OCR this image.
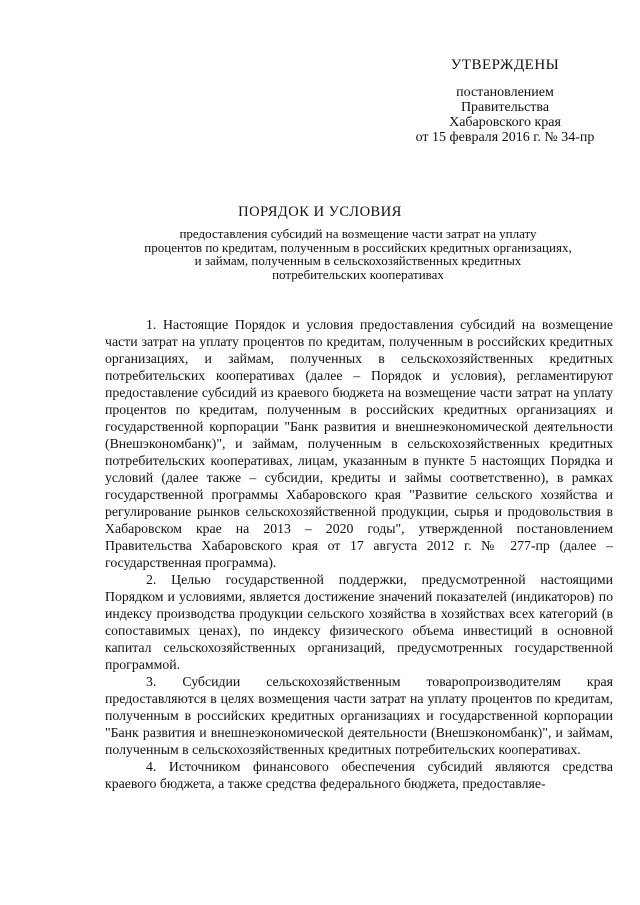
УТВЕРЖДЕНЫ
постановлением
Правительства
Хабаровского края
от 15 февраля 2016 г. № 34-пр
ПОРЯДОК И УСЛОВИЯ
предоставления субсидий на возмещение части затрат на уплату
процентов по кредитам, полученным в российских кредитных организациях,
и займам, полученным в сельскохозяйственных кредитных
потребительских кооперативах

1. Настоящие Порядок и условия предоставления субсидий на возмещение части затрат на уплату процентов по кредитам, полученным в российских кредитных организациях, и займам, полученных в сельскохозяйственных кредитных потребительских кооперативах (далее – Порядок и условия), регламентируют предоставление субсидий из краевого бюджета на возмещение части затрат на уплату процентов по кредитам, полученным в российских кредитных организациях и государственной корпорации "Банк развития и внешнеэкономической деятельности (Внешэкономбанк)", и займам, полученным в сельскохозяйственных кредитных потребительских кооперативах, лицам, указанным в пункте 5 настоящих Порядка и условий (далее также – субсидии, кредиты и займы соответственно), в рамках государственной программы Хабаровского края "Развитие сельского хозяйства и регулирование рынков сельскохозяйственной продукции, сырья и продовольствия в Хабаровском крае на 2013 – 2020 годы", утвержденной постановлением Правительства Хабаровского края от 17 августа 2012 г. № 277-пр (далее – государственная программа).

2. Целью государственной поддержки, предусмотренной настоящими Порядком и условиями, является достижение значений показателей (индикаторов) по индексу производства продукции сельского хозяйства в хозяйствах всех категорий (в сопоставимых ценах), по индексу физического объема инвестиций в основной капитал сельскохозяйственных организаций, предусмотренных государственной программой.

3. Субсидии сельскохозяйственным товаропроизводителям края предоставляются в целях возмещения части затрат на уплату процентов по кредитам, полученным в российских кредитных организациях и государственной корпорации "Банк развития и внешнеэкономической деятельности (Внешэкономбанк)", и займам, полученным в сельскохозяйственных кредитных потребительских кооперативах.

4. Источником финансового обеспечения субсидий являются средства краевого бюджета, а также средства федерального бюджета, предоставляе-
